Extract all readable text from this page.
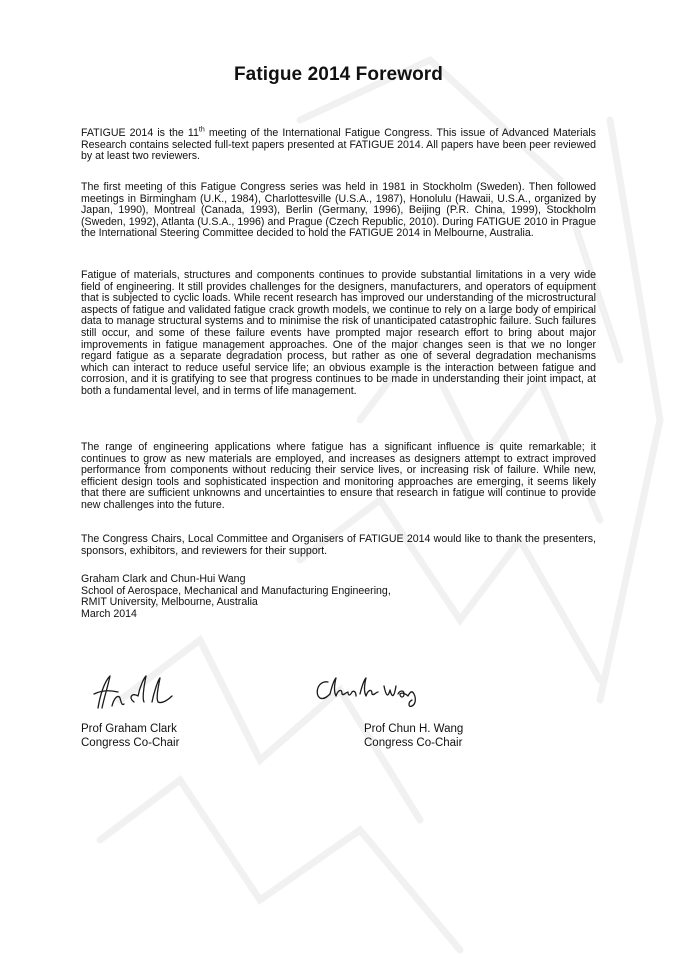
Fatigue 2014 Foreword
FATIGUE 2014 is the 11th meeting of the International Fatigue Congress. This issue of Advanced Materials Research contains selected full-text papers presented at FATIGUE 2014. All papers have been peer reviewed by at least two reviewers.
The first meeting of this Fatigue Congress series was held in 1981 in Stockholm (Sweden). Then followed meetings in Birmingham (U.K., 1984), Charlottesville (U.S.A., 1987), Honolulu (Hawaii, U.S.A., organized by Japan, 1990), Montreal (Canada, 1993), Berlin (Germany, 1996), Beijing (P.R. China, 1999), Stockholm (Sweden, 1992), Atlanta (U.S.A., 1996) and Prague (Czech Republic, 2010). During FATIGUE 2010 in Prague the International Steering Committee decided to hold the FATIGUE 2014 in Melbourne, Australia.
Fatigue of materials, structures and components continues to provide substantial limitations in a very wide field of engineering. It still provides challenges for the designers, manufacturers, and operators of equipment that is subjected to cyclic loads. While recent research has improved our understanding of the microstructural aspects of fatigue and validated fatigue crack growth models, we continue to rely on a large body of empirical data to manage structural systems and to minimise the risk of unanticipated catastrophic failure. Such failures still occur, and some of these failure events have prompted major research effort to bring about major improvements in fatigue management approaches. One of the major changes seen is that we no longer regard fatigue as a separate degradation process, but rather as one of several degradation mechanisms which can interact to reduce useful service life; an obvious example is the interaction between fatigue and corrosion, and it is gratifying to see that progress continues to be made in understanding their joint impact, at both a fundamental level, and in terms of life management.
The range of engineering applications where fatigue has a significant influence is quite remarkable; it continues to grow as new materials are employed, and increases as designers attempt to extract improved performance from components without reducing their service lives, or increasing risk of failure. While new, efficient design tools and sophisticated inspection and monitoring approaches are emerging, it seems likely that there are sufficient unknowns and uncertainties to ensure that research in fatigue will continue to provide new challenges into the future.
The Congress Chairs, Local Committee and Organisers of FATIGUE 2014 would like to thank the presenters, sponsors, exhibitors, and reviewers for their support.
Graham Clark and Chun-Hui Wang
School of Aerospace, Mechanical and Manufacturing Engineering,
RMIT University, Melbourne, Australia
March 2014
Prof Graham Clark
Congress Co-Chair
Prof Chun H. Wang
Congress Co-Chair
